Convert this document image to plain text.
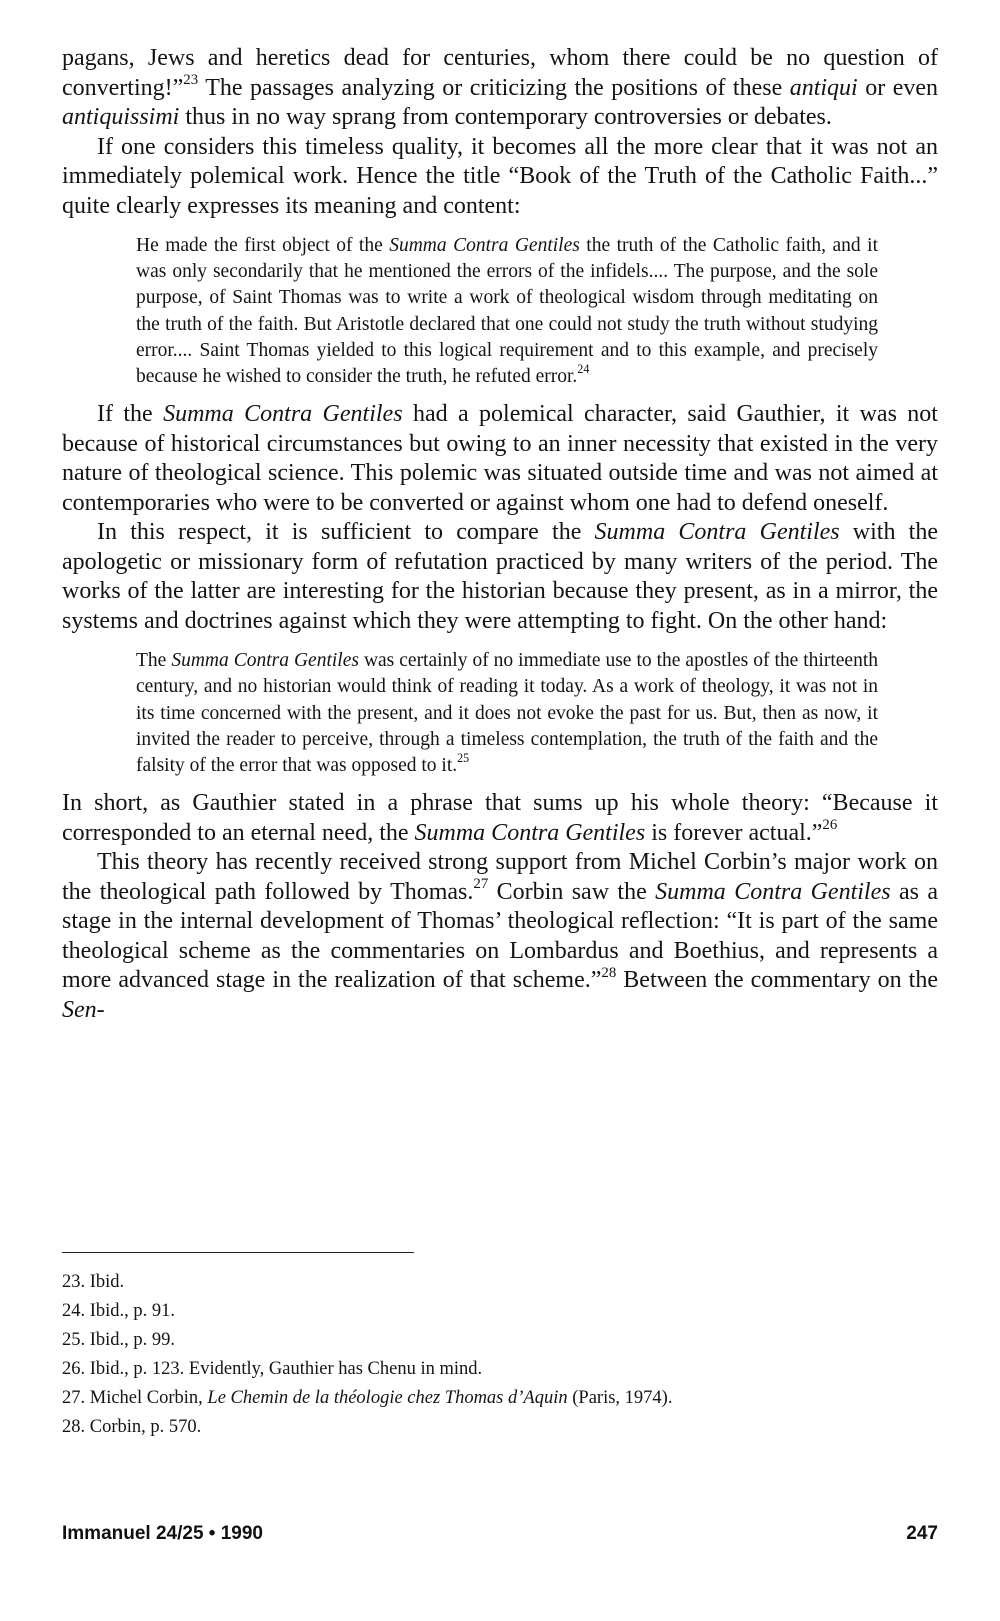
pagans, Jews and heretics dead for centuries, whom there could be no question of converting!”$^{23}$ The passages analyzing or criticizing the positions of these antiqui or even antiquissimi thus in no way sprang from contemporary controversies or debates.

If one considers this timeless quality, it becomes all the more clear that it was not an immediately polemical work. Hence the title “Book of the Truth of the Catholic Faith...” quite clearly expresses its meaning and content:

He made the first object of the Summa Contra Gentiles the truth of the Catholic faith, and it was only secondarily that he mentioned the errors of the infidels.... The purpose, and the sole purpose, of Saint Thomas was to write a work of theological wisdom through meditating on the truth of the faith. But Aristotle declared that one could not study the truth without studying error.... Saint Thomas yielded to this logical requirement and to this example, and precisely because he wished to consider the truth, he refuted error.$^{24}$

If the Summa Contra Gentiles had a polemical character, said Gauthier, it was not because of historical circumstances but owing to an inner necessity that existed in the very nature of theological science. This polemic was situated outside time and was not aimed at contemporaries who were to be converted or against whom one had to defend oneself.

In this respect, it is sufficient to compare the Summa Contra Gentiles with the apologetic or missionary form of refutation practiced by many writers of the period. The works of the latter are interesting for the historian because they present, as in a mirror, the systems and doctrines against which they were attempting to fight. On the other hand:

The Summa Contra Gentiles was certainly of no immediate use to the apostles of the thirteenth century, and no historian would think of reading it today. As a work of theology, it was not in its time concerned with the present, and it does not evoke the past for us. But, then as now, it invited the reader to perceive, through a timeless contemplation, the truth of the faith and the falsity of the error that was opposed to it.$^{25}$

In short, as Gauthier stated in a phrase that sums up his whole theory: “Because it corresponded to an eternal need, the Summa Contra Gentiles is forever actual.”$^{26}$

This theory has recently received strong support from Michel Corbin’s major work on the theological path followed by Thomas.$^{27}$ Corbin saw the Summa Contra Gentiles as a stage in the internal development of Thomas’ theological reflection: “It is part of the same theological scheme as the commentaries on Lombardus and Boethius, and represents a more advanced stage in the realization of that scheme.”$^{28}$ Between the commentary on the Sen-

23. Ibid.
24. Ibid., p. 91.
25. Ibid., p. 99.
26. Ibid., p. 123. Evidently, Gauthier has Chenu in mind.
27. Michel Corbin, Le Chemin de la théologie chez Thomas d’Aquin (Paris, 1974).
28. Corbin, p. 570.
Immanuel 24/25 • 1990	247
